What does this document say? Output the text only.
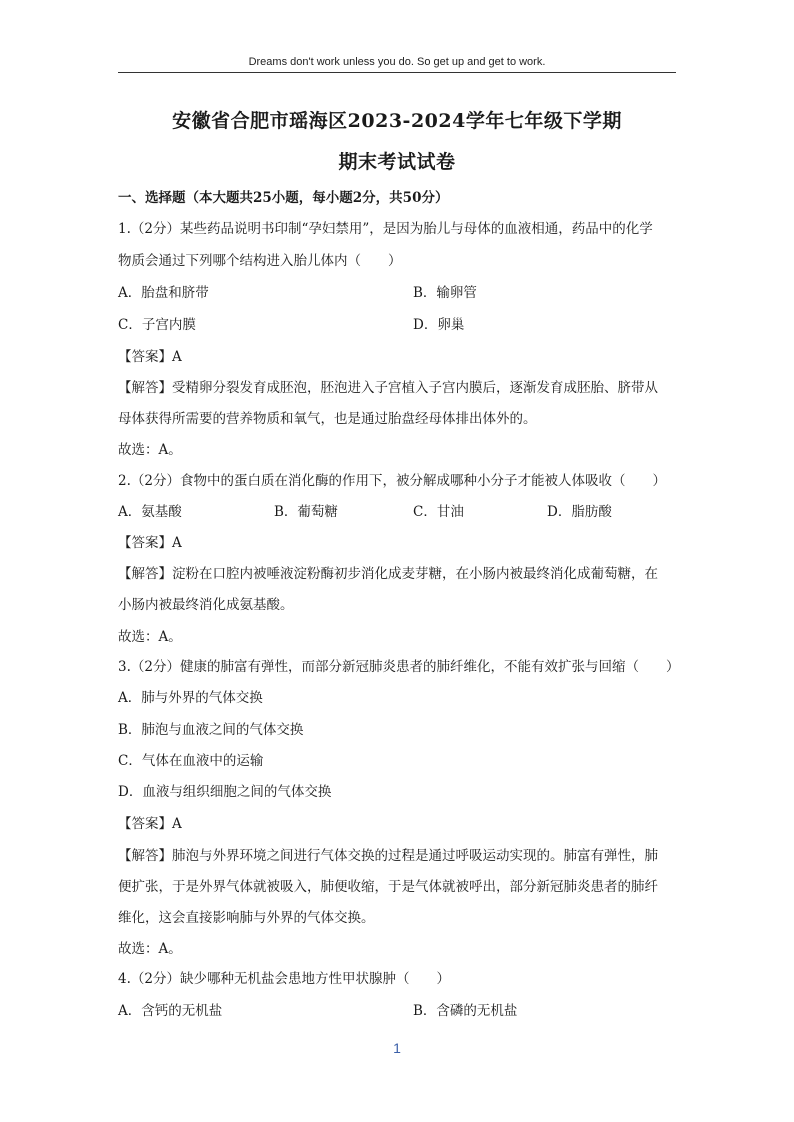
Dreams don't work unless you do. So get up and get to work.
安徽省合肥市瑶海区2023-2024学年七年级下学期
期末考试试卷
一、选择题（本大题共25小题，每小题2分，共50分）
1.（2分）某些药品说明书印制“孕妇禁用”，是因为胎儿与母体的血液相通，药品中的化学
物质会通过下列哪个结构进入胎儿体内（　　）
A．胎盘和脐带	B．输卵管
C．子宫内膜	D．卵巢
【答案】A
【解答】受精卵分裂发育成胚泡，胚泡进入子宫植入子宫内膜后，逐渐发育成胚胎、脐带从
母体获得所需要的营养物质和氧气，也是通过胎盘经母体排出体外的。
故选：A。
2.（2分）食物中的蛋白质在消化酶的作用下，被分解成哪种小分子才能被人体吸收（　　）
A．氨基酸	B．葡萄糖	C．甘油	D．脂肪酸
【答案】A
【解答】淀粉在口腔内被唾液淀粉酶初步消化成麦芽糖，在小肠内被最终消化成葡萄糖，在
小肠内被最终消化成氨基酸。
故选：A。
3.（2分）健康的肺富有弹性，而部分新冠肺炎患者的肺纤维化，不能有效扩张与回缩（　　）
A．肺与外界的气体交换
B．肺泡与血液之间的气体交换
C．气体在血液中的运输
D．血液与组织细胞之间的气体交换
【答案】A
【解答】肺泡与外界环境之间进行气体交换的过程是通过呼吸运动实现的。肺富有弹性，肺
便扩张，于是外界气体就被吸入，肺便收缩，于是气体就被呼出，部分新冠肺炎患者的肺纤
维化，这会直接影响肺与外界的气体交换。
故选：A。
4.（2分）缺少哪种无机盐会患地方性甲状腺肿（　　）
A．含钙的无机盐	B．含磷的无机盐
1
